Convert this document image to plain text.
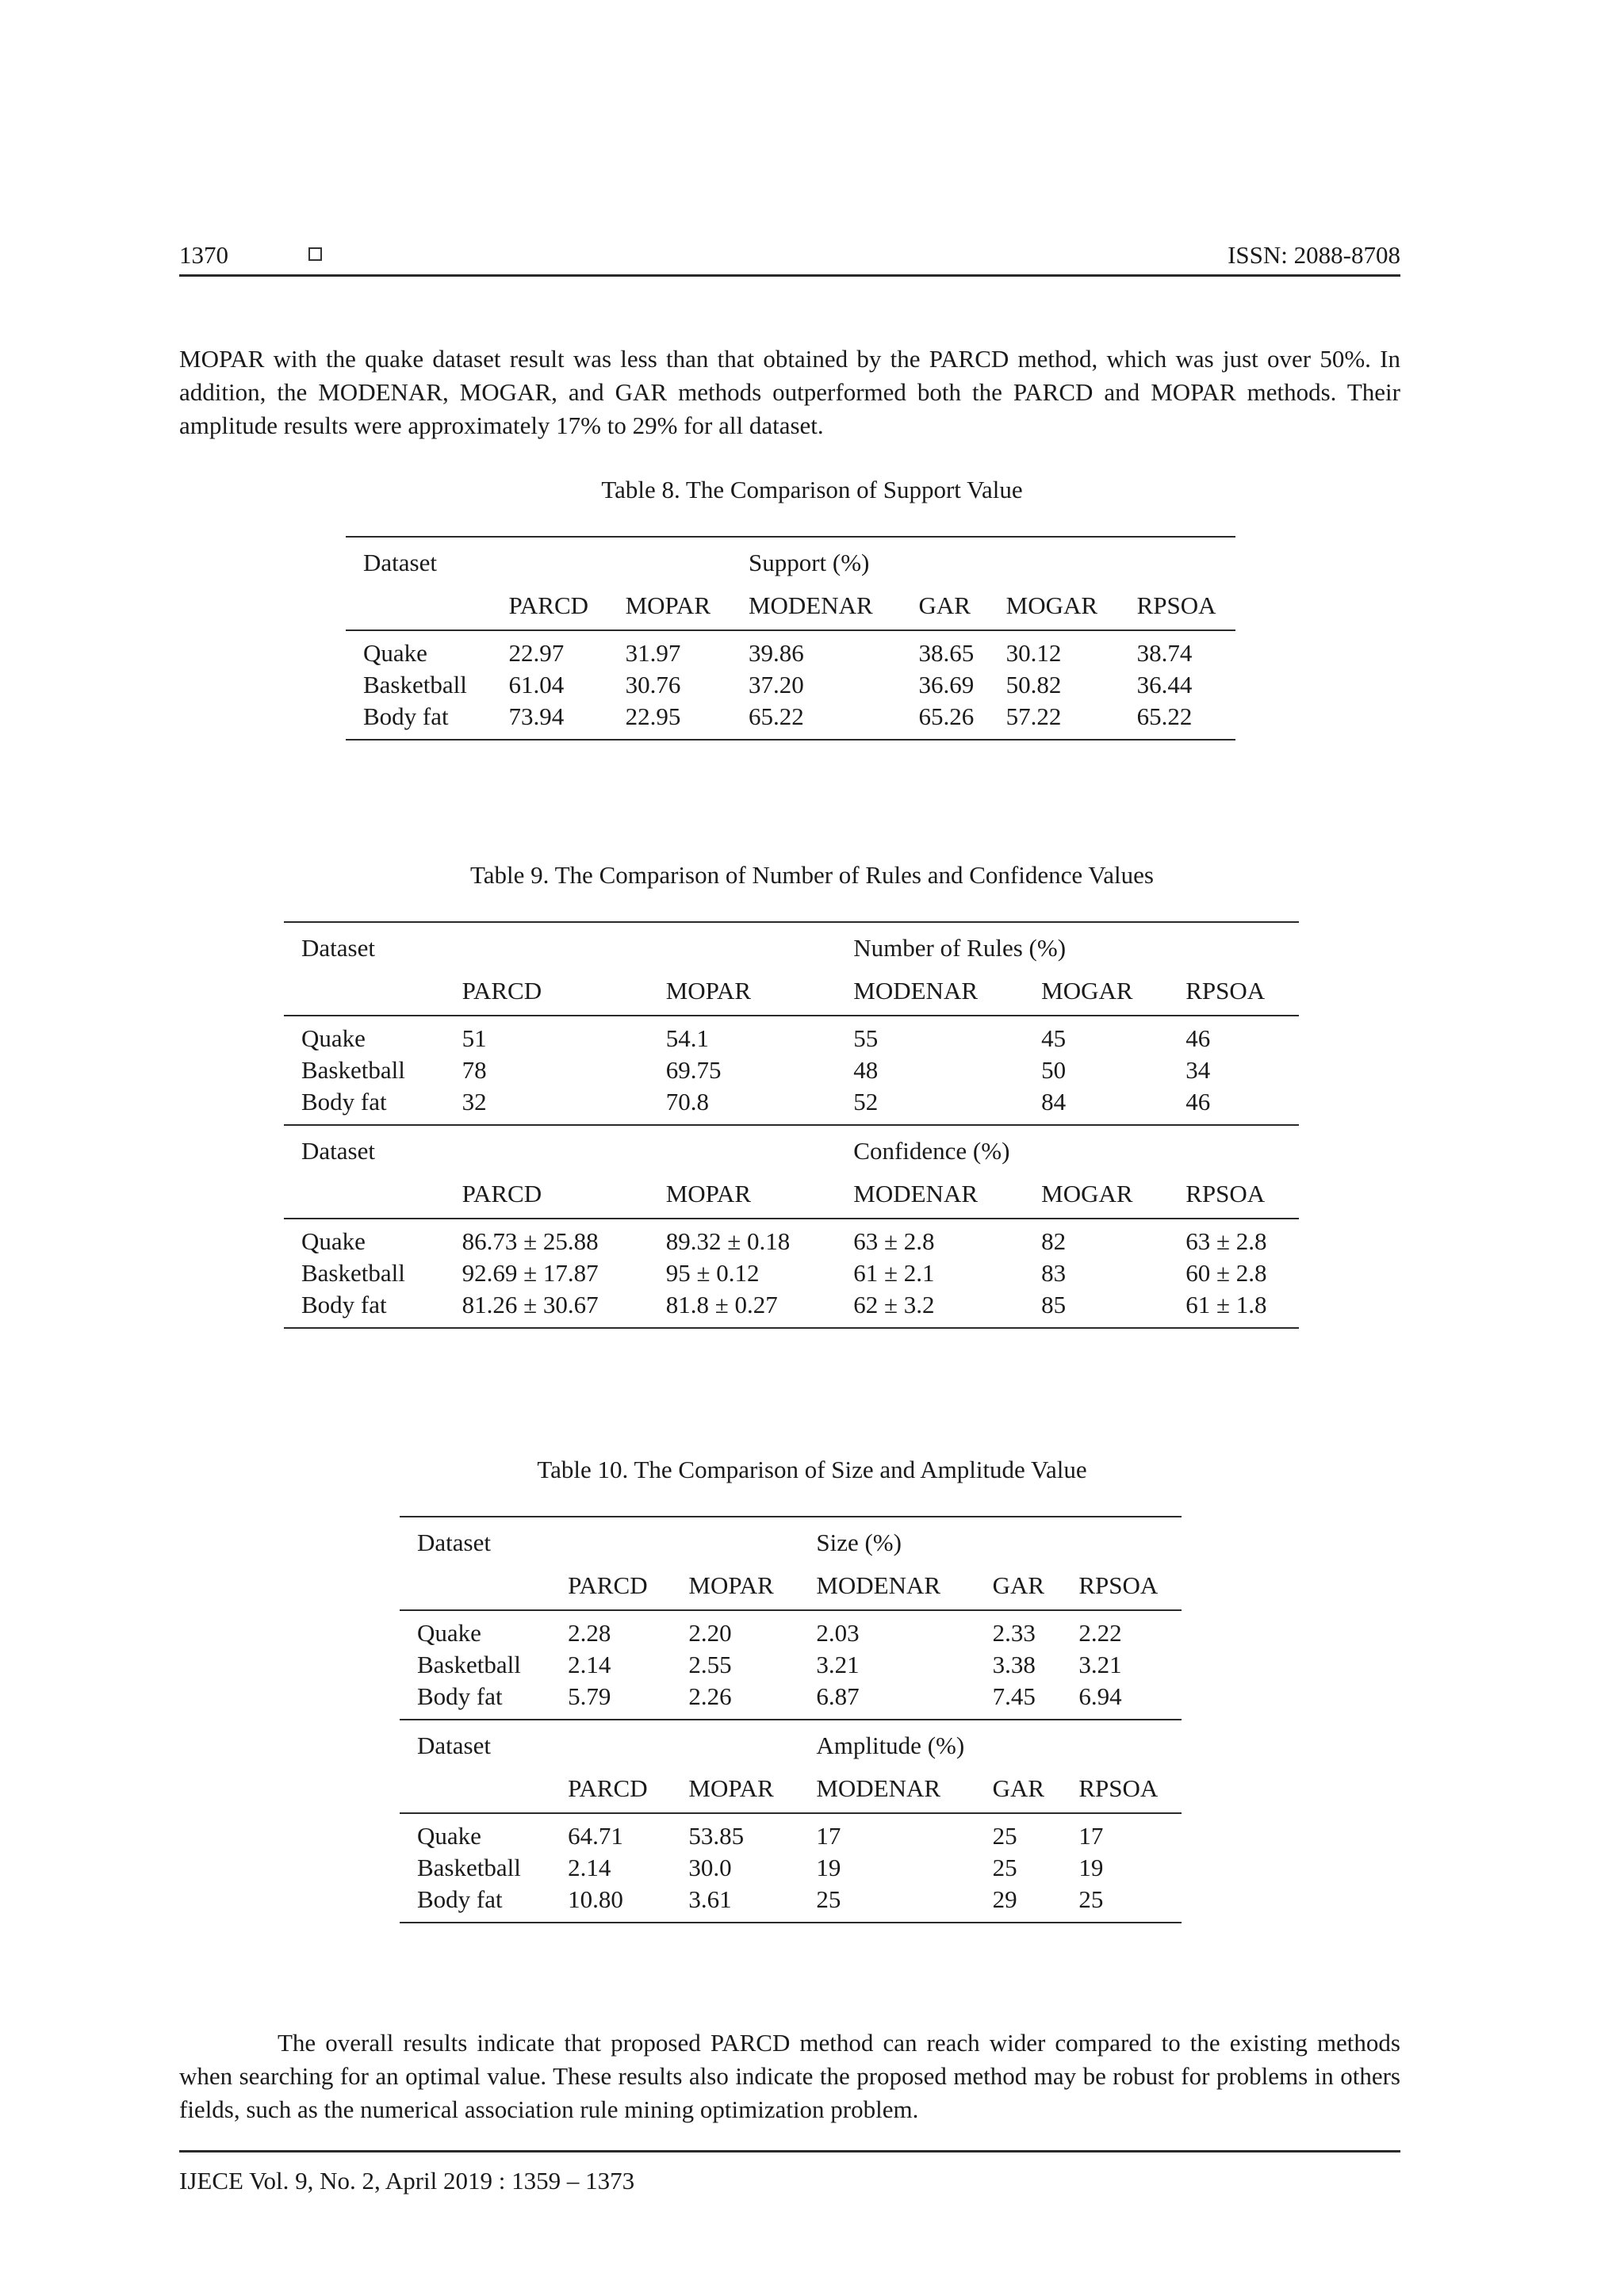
1370	ISSN: 2088-8708

MOPAR with the quake dataset result was less than that obtained by the PARCD method, which was just over 50%. In addition, the MODENAR, MOGAR, and GAR methods outperformed both the PARCD and MOPAR methods. Their amplitude results were approximately 17% to 29% for all dataset.

Table 8. The Comparison of Support Value
Dataset			Support (%)			
	PARCD	MOPAR	MODENAR	GAR	MOGAR	RPSOA
Quake	22.97	31.97	39.86	38.65	30.12	38.74
Basketball	61.04	30.76	37.20	36.69	50.82	36.44
Body fat	73.94	22.95	65.22	65.26	57.22	65.22
Table 9. The Comparison of Number of Rules and Confidence Values
Dataset			Number of Rules (%)		
	PARCD	MOPAR	MODENAR	MOGAR	RPSOA
Quake	51	54.1	55	45	46
Basketball	78	69.75	48	50	34
Body fat	32	70.8	52	84	46
Dataset			Confidence (%)		
	PARCD	MOPAR	MODENAR	MOGAR	RPSOA
Quake	86.73 ± 25.88	89.32 ± 0.18	63 ± 2.8	82	63 ± 2.8
Basketball	92.69 ± 17.87	95 ± 0.12	61 ± 2.1	83	60 ± 2.8
Body fat	81.26 ± 30.67	81.8 ± 0.27	62 ± 3.2	85	61 ± 1.8
Table 10. The Comparison of Size and Amplitude Value
Dataset			Size (%)		
	PARCD	MOPAR	MODENAR	GAR	RPSOA
Quake	2.28	2.20	2.03	2.33	2.22
Basketball	2.14	2.55	3.21	3.38	3.21
Body fat	5.79	2.26	6.87	7.45	6.94
Dataset			Amplitude (%)		
	PARCD	MOPAR	MODENAR	GAR	RPSOA
Quake	64.71	53.85	17	25	17
Basketball	2.14	30.0	19	25	19
Body fat	10.80	3.61	25	29	25

The overall results indicate that proposed PARCD method can reach wider compared to the existing methods when searching for an optimal value. These results also indicate the proposed method may be robust for problems in others fields, such as the numerical association rule mining optimization problem.

IJECE Vol. 9, No. 2, April 2019 : 1359 – 1373
